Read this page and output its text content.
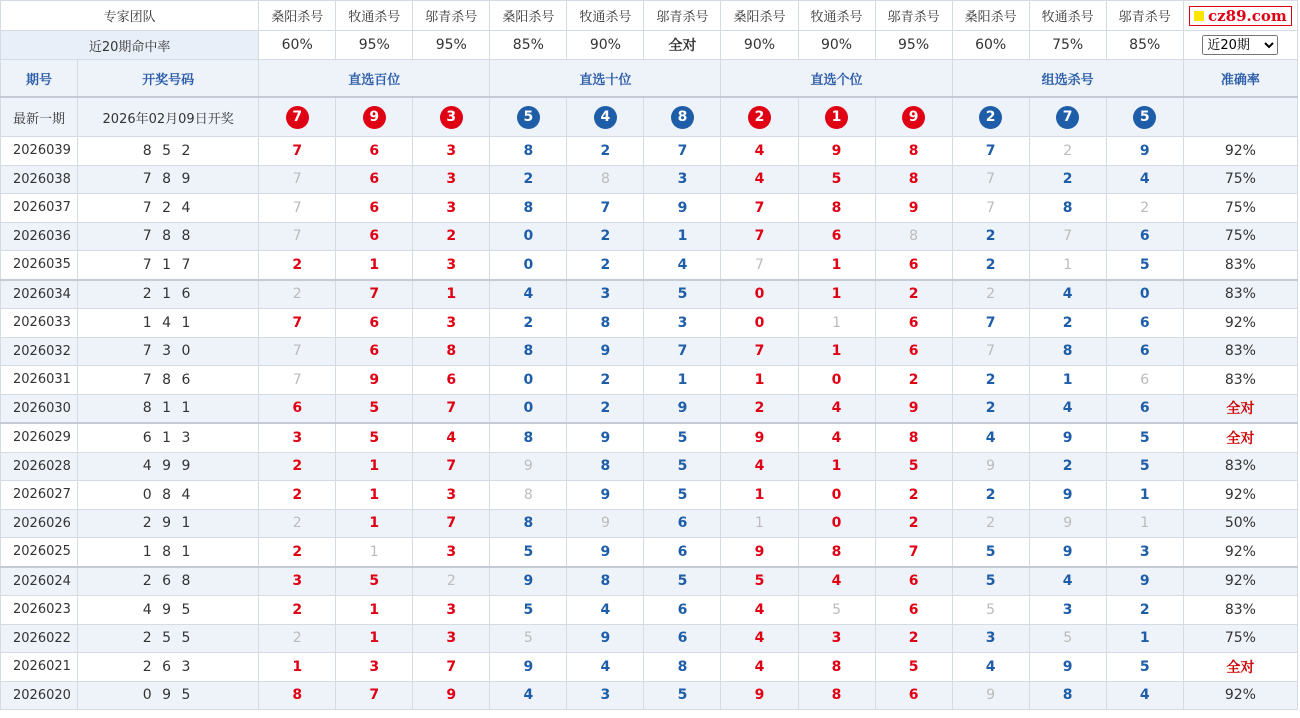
专家团队		桑阳杀号	牧通杀号	邬青杀号	桑阳杀号	牧通杀号	邬青杀号	桑阳杀号	牧通杀号	邬青杀号	桑阳杀号	牧通杀号	邬青杀号	cz89.com

近20期命中率		60%	95%	95%	85%	90%	全对	90%	90%	95%	60%	75%	85%	
近20期
期号	开奖号码	直选百位			直选十位			直选个位			组选杀号			准确率
最新一期	2026年02月09日开奖	7	9	3	5	4	8	2	1	9	2	7	5	
2026039	8 5 2	7	6	3	8	2	7	4	9	8	7	2	9	92%
2026038	7 8 9	7	6	3	2	8	3	4	5	8	7	2	4	75%
2026037	7 2 4	7	6	3	8	7	9	7	8	9	7	8	2	75%
2026036	7 8 8	7	6	2	0	2	1	7	6	8	2	7	6	75%
2026035	7 1 7	2	1	3	0	2	4	7	1	6	2	1	5	83%
2026034	2 1 6	2	7	1	4	3	5	0	1	2	2	4	0	83%
2026033	1 4 1	7	6	3	2	8	3	0	1	6	7	2	6	92%
2026032	7 3 0	7	6	8	8	9	7	7	1	6	7	8	6	83%
2026031	7 8 6	7	9	6	0	2	1	1	0	2	2	1	6	83%
2026030	8 1 1	6	5	7	0	2	9	2	4	9	2	4	6	全对
2026029	6 1 3	3	5	4	8	9	5	9	4	8	4	9	5	全对
2026028	4 9 9	2	1	7	9	8	5	4	1	5	9	2	5	83%
2026027	0 8 4	2	1	3	8	9	5	1	0	2	2	9	1	92%
2026026	2 9 1	2	1	7	8	9	6	1	0	2	2	9	1	50%
2026025	1 8 1	2	1	3	5	9	6	9	8	7	5	9	3	92%
2026024	2 6 8	3	5	2	9	8	5	5	4	6	5	4	9	92%
2026023	4 9 5	2	1	3	5	4	6	4	5	6	5	3	2	83%
2026022	2 5 5	2	1	3	5	9	6	4	3	2	3	5	1	75%
2026021	2 6 3	1	3	7	9	4	8	4	8	5	4	9	5	全对
2026020	0 9 5	8	7	9	4	3	5	9	8	6	9	8	4	92%
